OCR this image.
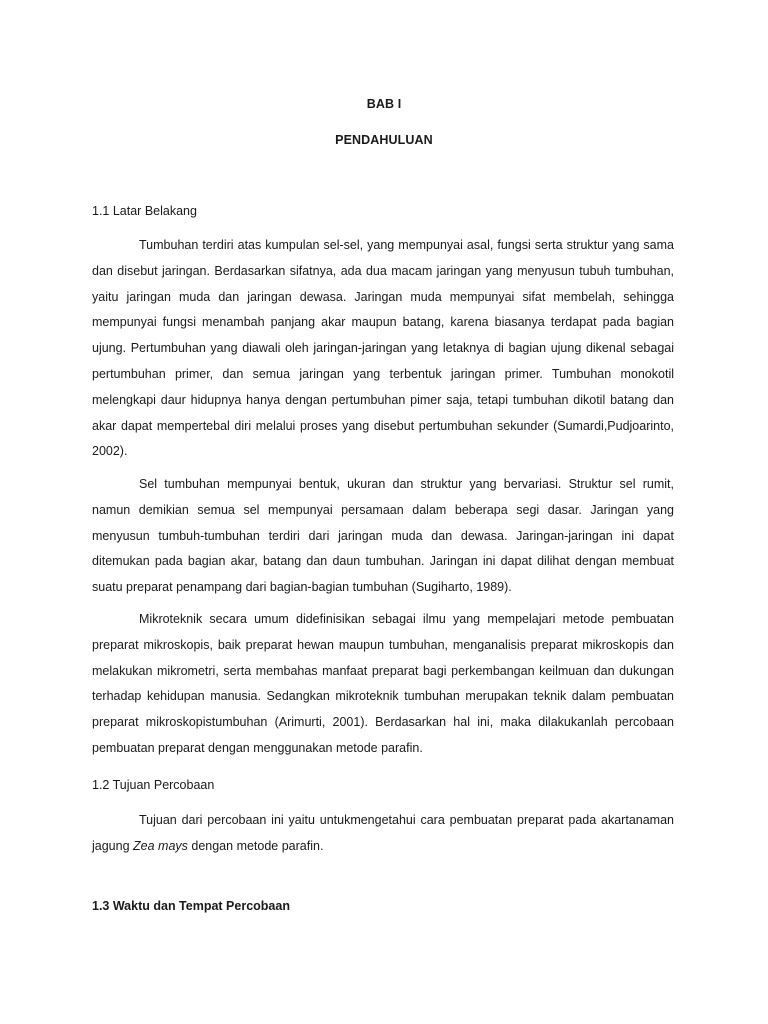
BAB I
PENDAHULUAN
1.1 Latar Belakang

Tumbuhan terdiri atas kumpulan sel-sel, yang mempunyai asal, fungsi serta struktur yang sama dan disebut jaringan. Berdasarkan sifatnya, ada dua macam jaringan yang menyusun tubuh tumbuhan, yaitu jaringan muda dan jaringan dewasa. Jaringan muda mempunyai sifat membelah, sehingga mempunyai fungsi menambah panjang akar maupun batang, karena biasanya terdapat pada bagian ujung. Pertumbuhan yang diawali oleh jaringan-jaringan yang letaknya di bagian ujung dikenal sebagai pertumbuhan primer, dan semua jaringan yang terbentuk jaringan primer. Tumbuhan monokotil melengkapi daur hidupnya hanya dengan pertumbuhan pimer saja, tetapi tumbuhan dikotil batang dan akar dapat mempertebal diri melalui proses yang disebut pertumbuhan sekunder (Sumardi,Pudjoarinto, 2002).

Sel tumbuhan mempunyai bentuk, ukuran dan struktur yang bervariasi. Struktur sel rumit, namun demikian semua sel mempunyai persamaan dalam beberapa segi dasar. Jaringan yang menyusun tumbuh-tumbuhan terdiri dari jaringan muda dan dewasa. Jaringan-jaringan ini dapat ditemukan pada bagian akar, batang dan daun tumbuhan. Jaringan ini dapat dilihat dengan membuat suatu preparat penampang dari bagian-bagian tumbuhan (Sugiharto, 1989).

Mikroteknik secara umum didefinisikan sebagai ilmu yang mempelajari metode pembuatan preparat mikroskopis, baik preparat hewan maupun tumbuhan, menganalisis preparat mikroskopis dan melakukan mikrometri, serta membahas manfaat preparat bagi perkembangan keilmuan dan dukungan terhadap kehidupan manusia. Sedangkan mikroteknik tumbuhan merupakan teknik dalam pembuatan preparat mikroskopistumbuhan (Arimurti, 2001). Berdasarkan hal ini, maka dilakukanlah percobaan pembuatan preparat dengan menggunakan metode parafin.

1.2 Tujuan Percobaan

Tujuan dari percobaan ini yaitu untukmengetahui cara pembuatan preparat pada akartanaman jagung Zea mays dengan metode parafin.

1.3 Waktu dan Tempat Percobaan
